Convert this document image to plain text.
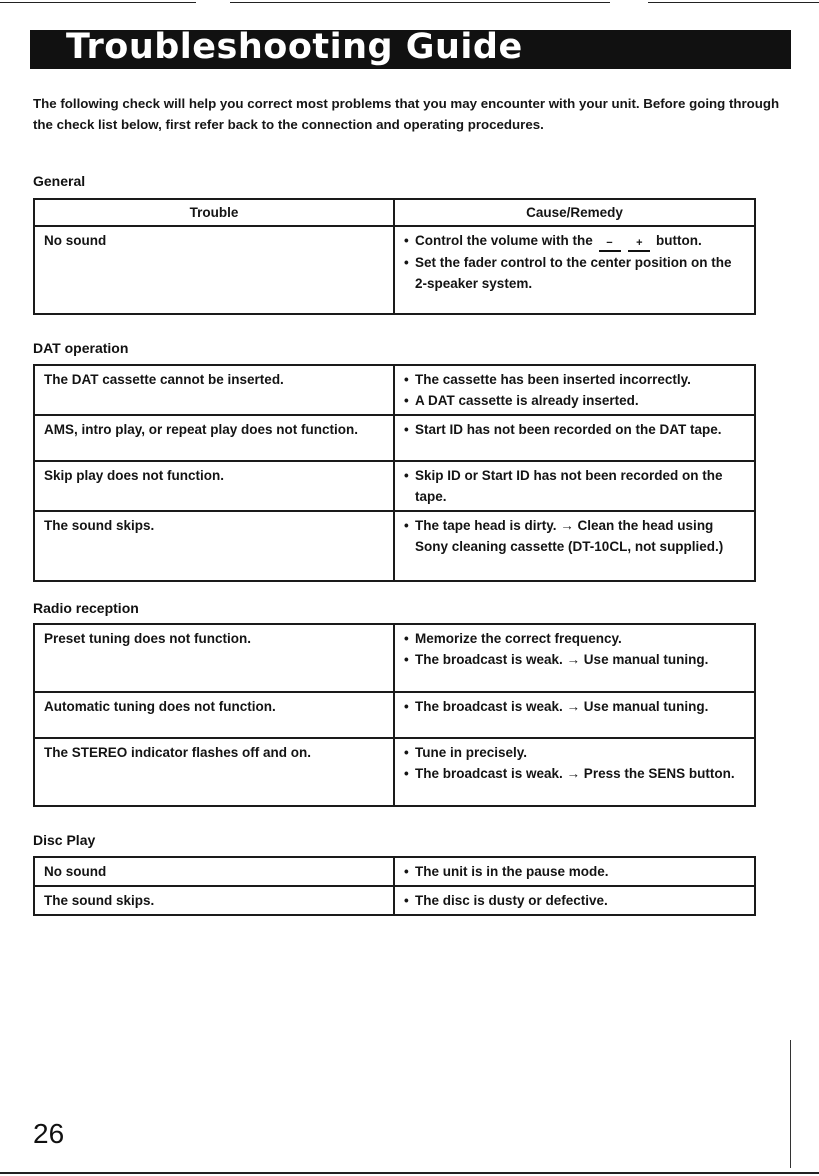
Troubleshooting Guide
The following check will help you correct most problems that you may encounter with your unit. Before going through the check list below, first refer back to the connection and operating procedures.
General
Trouble	Cause/Remedy
No sound	• Control the volume with the − + button.
• Set the fader control to the center position on the 2-speaker system.
DAT operation
The DAT cassette cannot be inserted.	• The cassette has been inserted incorrectly.
• A DAT cassette is already inserted.

AMS, intro play, or repeat play does not function.	• Start ID has not been recorded on the DAT tape.

Skip play does not function.	• Skip ID or Start ID has not been recorded on the tape.

The sound skips.	• The tape head is dirty. → Clean the head using Sony cleaning cassette (DT-10CL, not supplied.)
Radio reception
Preset tuning does not function.	• Memorize the correct frequency.
• The broadcast is weak. → Use manual tuning.

Automatic tuning does not function.	• The broadcast is weak. → Use manual tuning.

The STEREO indicator flashes off and on.	• Tune in precisely.
• The broadcast is weak. → Press the SENS button.
Disc Play
No sound	• The unit is in the pause mode.

The sound skips.	• The disc is dusty or defective.
26
